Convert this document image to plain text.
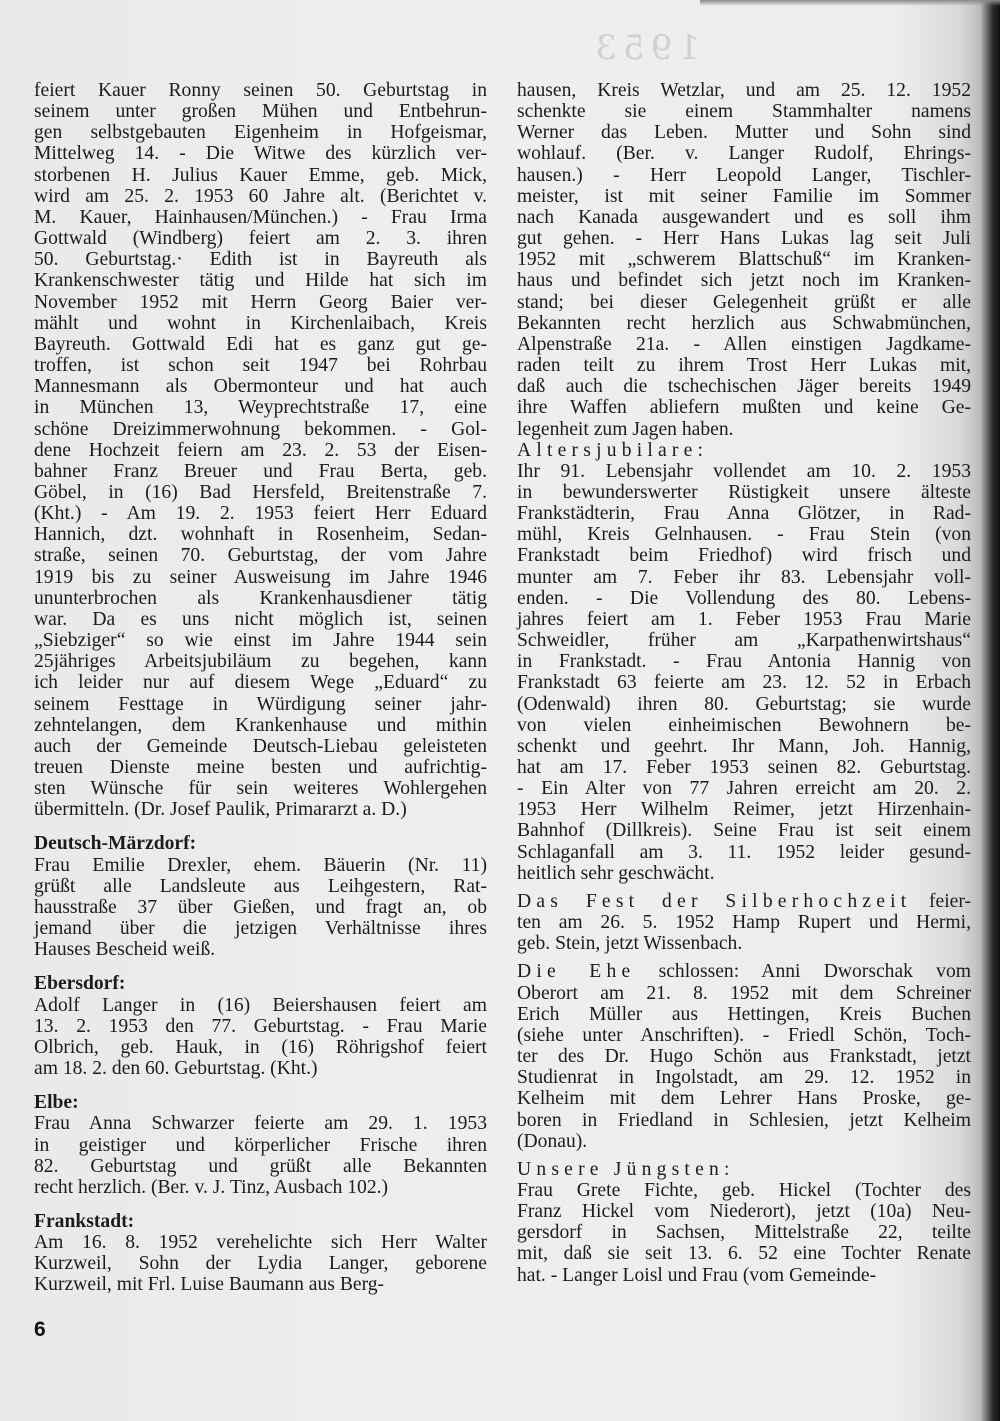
1953
feiert Kauer Ronny seinen 50. Geburtstag in
seinem unter großen Mühen und Entbehrun-
gen selbstgebauten Eigenheim in Hofgeismar,
Mittelweg 14. - Die Witwe des kürzlich ver-
storbenen H. Julius Kauer Emme, geb. Mick,
wird am 25. 2. 1953 60 Jahre alt. (Berichtet v.
M. Kauer, Hainhausen/München.) - Frau Irma
Gottwald (Windberg) feiert am 2. 3. ihren
50. Geburtstag.· Edith ist in Bayreuth als
Krankenschwester tätig und Hilde hat sich im
November 1952 mit Herrn Georg Baier ver-
mählt und wohnt in Kirchenlaibach, Kreis
Bayreuth. Gottwald Edi hat es ganz gut ge-
troffen, ist schon seit 1947 bei Rohrbau
Mannesmann als Obermonteur und hat auch
in München 13, Weyprechtstraße 17, eine
schöne Dreizimmerwohnung bekommen. - Gol-
dene Hochzeit feiern am 23. 2. 53 der Eisen-
bahner Franz Breuer und Frau Berta, geb.
Göbel, in (16) Bad Hersfeld, Breitenstraße 7.
(Kht.) - Am 19. 2. 1953 feiert Herr Eduard
Hannich, dzt. wohnhaft in Rosenheim, Sedan-
straße, seinen 70. Geburtstag, der vom Jahre
1919 bis zu seiner Ausweisung im Jahre 1946
ununterbrochen als Krankenhausdiener tätig
war. Da es uns nicht möglich ist, seinen
„Siebziger“ so wie einst im Jahre 1944 sein
25jähriges Arbeitsjubiläum zu begehen, kann
ich leider nur auf diesem Wege „Eduard“ zu
seinem Festtage in Würdigung seiner jahr-
zehntelangen, dem Krankenhause und mithin
auch der Gemeinde Deutsch-Liebau geleisteten
treuen Dienste meine besten und aufrichtig-
sten Wünsche für sein weiteres Wohlergehen
übermitteln. (Dr. Josef Paulik, Primararzt a. D.)
Deutsch-Märzdorf:
Frau Emilie Drexler, ehem. Bäuerin (Nr. 11)
grüßt alle Landsleute aus Leihgestern, Rat-
hausstraße 37 über Gießen, und fragt an, ob
jemand über die jetzigen Verhältnisse ihres
Hauses Bescheid weiß.
Ebersdorf:
Adolf Langer in (16) Beiershausen feiert am
13. 2. 1953 den 77. Geburtstag. - Frau Marie
Olbrich, geb. Hauk, in (16) Röhrigshof feiert
am 18. 2. den 60. Geburtstag. (Kht.)
Elbe:
Frau Anna Schwarzer feierte am 29. 1. 1953
in geistiger und körperlicher Frische ihren
82. Geburtstag und grüßt alle Bekannten
recht herzlich. (Ber. v. J. Tinz, Ausbach 102.)
Frankstadt:
Am 16. 8. 1952 verehelichte sich Herr Walter
Kurzweil, Sohn der Lydia Langer, geborene
Kurzweil, mit Frl. Luise Baumann aus Berg-
hausen, Kreis Wetzlar, und am 25. 12. 1952
schenkte sie einem Stammhalter namens
Werner das Leben. Mutter und Sohn sind
wohlauf. (Ber. v. Langer Rudolf, Ehrings-
hausen.) - Herr Leopold Langer, Tischler-
meister, ist mit seiner Familie im Sommer
nach Kanada ausgewandert und es soll ihm
gut gehen. - Herr Hans Lukas lag seit Juli
1952 mit „schwerem Blattschuß“ im Kranken-
haus und befindet sich jetzt noch im Kranken-
stand; bei dieser Gelegenheit grüßt er alle
Bekannten recht herzlich aus Schwabmünchen,
Alpenstraße 21a. - Allen einstigen Jagdkame-
raden teilt zu ihrem Trost Herr Lukas mit,
daß auch die tschechischen Jäger bereits 1949
ihre Waffen abliefern mußten und keine Ge-
legenheit zum Jagen haben.
Altersjubilare:
Ihr 91. Lebensjahr vollendet am 10. 2. 1953
in bewunderswerter Rüstigkeit unsere älteste
Frankstädterin, Frau Anna Glötzer, in Rad-
mühl, Kreis Gelnhausen. - Frau Stein (von
Frankstadt beim Friedhof) wird frisch und
munter am 7. Feber ihr 83. Lebensjahr voll-
enden. - Die Vollendung des 80. Lebens-
jahres feiert am 1. Feber 1953 Frau Marie
Schweidler, früher am „Karpathenwirtshaus“
in Frankstadt. - Frau Antonia Hannig von
Frankstadt 63 feierte am 23. 12. 52 in Erbach
(Odenwald) ihren 80. Geburtstag; sie wurde
von vielen einheimischen Bewohnern be-
schenkt und geehrt. Ihr Mann, Joh. Hannig,
hat am 17. Feber 1953 seinen 82. Geburtstag.
- Ein Alter von 77 Jahren erreicht am 20. 2.
1953 Herr Wilhelm Reimer, jetzt Hirzenhain-
Bahnhof (Dillkreis). Seine Frau ist seit einem
Schlaganfall am 3. 11. 1952 leider gesund-
heitlich sehr geschwächt.
Das Fest der Silberhochzeit feier-
ten am 26. 5. 1952 Hamp Rupert und Hermi,
geb. Stein, jetzt Wissenbach.
Die Ehe schlossen: Anni Dworschak vom
Oberort am 21. 8. 1952 mit dem Schreiner
Erich Müller aus Hettingen, Kreis Buchen
(siehe unter Anschriften). - Friedl Schön, Toch-
ter des Dr. Hugo Schön aus Frankstadt, jetzt
Studienrat in Ingolstadt, am 29. 12. 1952 in
Kelheim mit dem Lehrer Hans Proske, ge-
boren in Friedland in Schlesien, jetzt Kelheim
(Donau).
Unsere Jüngsten:
Frau Grete Fichte, geb. Hickel (Tochter des
Franz Hickel vom Niederort), jetzt (10a) Neu-
gersdorf in Sachsen, Mittelstraße 22, teilte
mit, daß sie seit 13. 6. 52 eine Tochter Renate
hat. - Langer Loisl und Frau (vom Gemeinde-
6
